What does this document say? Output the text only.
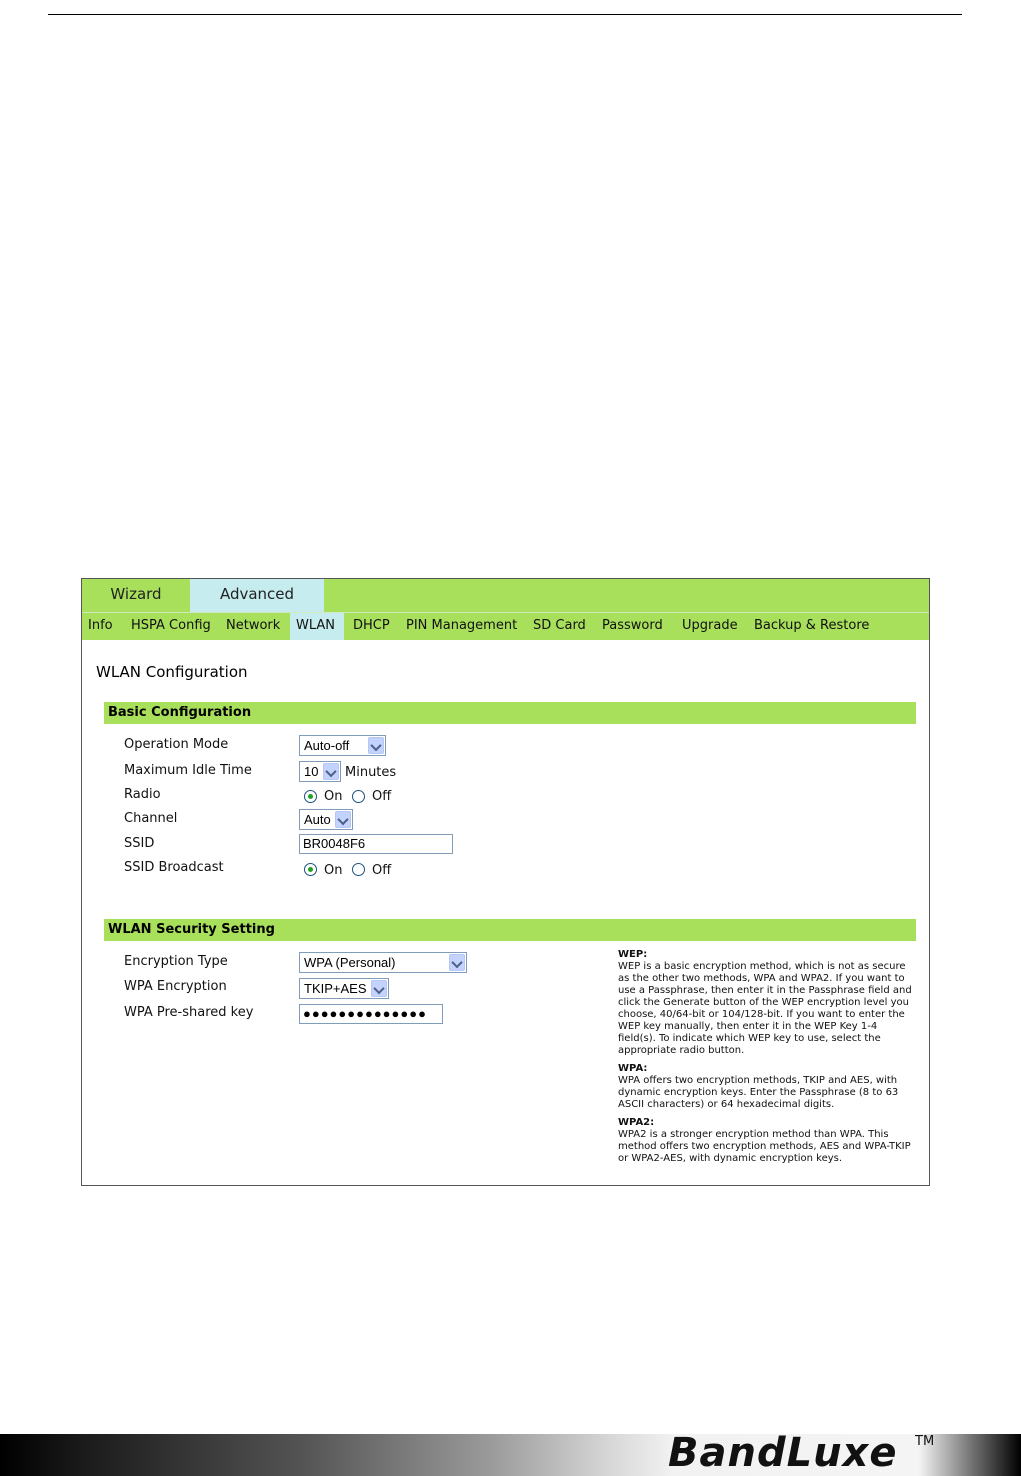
Wizard	Advanced
Info	HSPA Config	Network	WLAN	DHCP	PIN Management	SD Card	Password	Upgrade	Backup & Restore
WLAN Configuration
Basic Configuration
Operation Mode	Auto-off
Maximum Idle Time	10	Minutes
Radio	On Off
Channel	Auto
SSID	BR0048F6
SSID Broadcast	On Off
WLAN Security Setting
Encryption Type	WPA (Personal)
WPA Encryption	TKIP+AES
WPA Pre-shared key	●●●●●●●●●●●●●●
WEP:

WEP is a basic encryption method, which is not as secure as the other two methods, WPA and WPA2. If you want to use a Passphrase, then enter it in the Passphrase field and click the Generate button of the WEP encryption level you choose, 40/64-bit or 104/128-bit. If you want to enter the WEP key manually, then enter it in the WEP Key 1-4 field(s). To indicate which WEP key to use, select the appropriate radio button.

WPA:

WPA offers two encryption methods, TKIP and AES, with dynamic encryption keys. Enter the Passphrase (8 to 63 ASCII characters) or 64 hexadecimal digits.

WPA2:

WPA2 is a stronger encryption method than WPA. This method offers two encryption methods, AES and WPA-TKIP or WPA2-AES, with dynamic encryption keys.

BandLuxe TM
